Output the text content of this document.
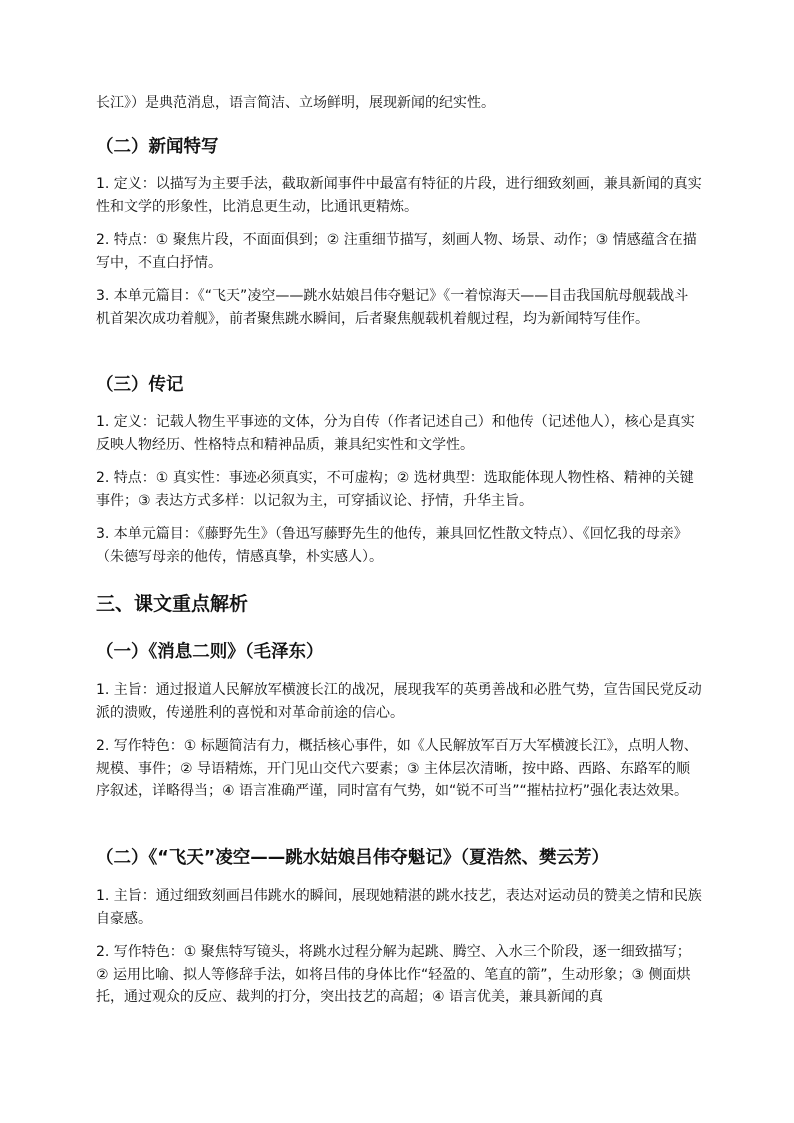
长江》）是典范消息，语言简洁、立场鲜明，展现新闻的纪实性。

（二）新闻特写

1. 定义：以描写为主要手法，截取新闻事件中最富有特征的片段，进行细致刻画，兼具新闻的真实性和文学的形象性，比消息更生动，比通讯更精炼。

2. 特点：① 聚焦片段，不面面俱到；② 注重细节描写，刻画人物、场景、动作；③ 情感蕴含在描写中，不直白抒情。

3. 本单元篇目：《“飞天”凌空——跳水姑娘吕伟夺魁记》《一着惊海天——目击我国航母舰载战斗机首架次成功着舰》，前者聚焦跳水瞬间，后者聚焦舰载机着舰过程，均为新闻特写佳作。

（三）传记

1. 定义：记载人物生平事迹的文体，分为自传（作者记述自己）和他传（记述他人），核心是真实反映人物经历、性格特点和精神品质，兼具纪实性和文学性。

2. 特点：① 真实性：事迹必须真实，不可虚构；② 选材典型：选取能体现人物性格、精神的关键事件；③ 表达方式多样：以记叙为主，可穿插议论、抒情，升华主旨。

3. 本单元篇目：《藤野先生》（鲁迅写藤野先生的他传，兼具回忆性散文特点）、《回忆我的母亲》（朱德写母亲的他传，情感真挚，朴实感人）。

三、课文重点解析
（一）《消息二则》（毛泽东）

1. 主旨：通过报道人民解放军横渡长江的战况，展现我军的英勇善战和必胜气势，宣告国民党反动派的溃败，传递胜利的喜悦和对革命前途的信心。

2. 写作特色：① 标题简洁有力，概括核心事件，如《人民解放军百万大军横渡长江》，点明人物、规模、事件；② 导语精炼，开门见山交代六要素；③ 主体层次清晰，按中路、西路、东路军的顺序叙述，详略得当；④ 语言准确严谨，同时富有气势，如“锐不可当”“摧枯拉朽”强化表达效果。

（二）《“飞天”凌空——跳水姑娘吕伟夺魁记》（夏浩然、樊云芳）

1. 主旨：通过细致刻画吕伟跳水的瞬间，展现她精湛的跳水技艺，表达对运动员的赞美之情和民族自豪感。

2. 写作特色：① 聚焦特写镜头，将跳水过程分解为起跳、腾空、入水三个阶段，逐一细致描写；② 运用比喻、拟人等修辞手法，如将吕伟的身体比作“轻盈的、笔直的箭”，生动形象；③ 侧面烘托，通过观众的反应、裁判的打分，突出技艺的高超；④ 语言优美，兼具新闻的真
